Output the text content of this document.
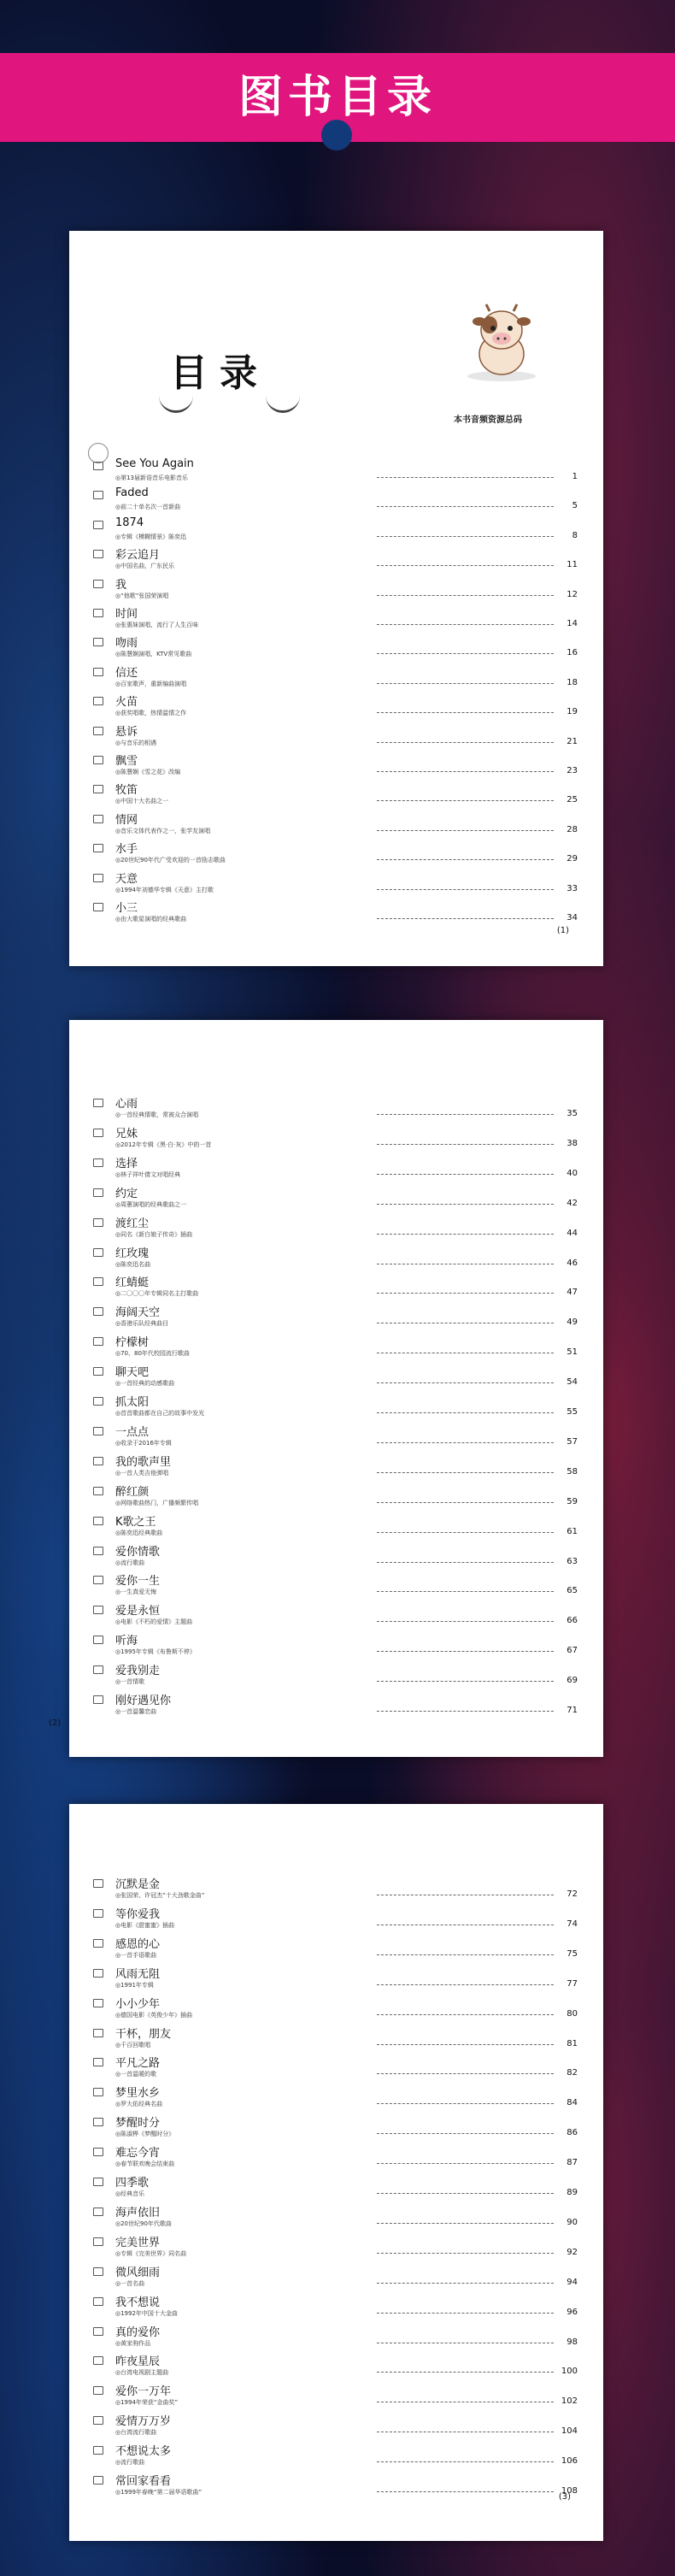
图书目录
目录
本书音频资源总码
(1)
See You Again
◎第13届新语音乐电影音乐	1
Faded
◎前二十单名次一首新曲	5
1874
◎专辑《模糊情景》陈奕迅	8
彩云追月
◎中国名曲，广东民乐	11
我
◎“他歌”张国荣演唱	12
时间
◎张惠妹演唱，流行了人生百味	14
吻雨
◎陈慧娴演唱，KTV常见歌曲	16
信还
◎百家歌声，重新编曲演唱	18
火苗
◎获奖唱歌，热情温情之作	19
悬诉
◎与音乐的相遇	21
飘雪
◎陈慧娴《雪之花》改编	23
牧笛
◎中国十大名曲之一	25
情网
◎音乐文体代表作之一，张学友演唱	28
水手
◎20世纪90年代广受欢迎的一首励志歌曲	29
天意
◎1994年刘德华专辑《天意》主打歌	33
小三
◎由大歌星演唱的经典歌曲	34
(2)
心雨
◎一首经典情歌，常被众合演唱	35
兄妹
◎2012年专辑《黑·白·灰》中的一首	38
选择
◎林子祥叶倩文对唱经典	40
约定
◎周蕙演唱的经典歌曲之一	42
渡红尘
◎同名《新白娘子传奇》插曲	44
红玫瑰
◎陈奕迅名曲	46
红蜻蜓
◎二〇〇〇年专辑同名主打歌曲	47
海阔天空
◎香港乐队经典曲目	49
柠檬树
◎70、80年代校园流行歌曲	51
聊天吧
◎一首经典的动感歌曲	54
抓太阳
◎首首歌曲都在自己的故事中发光	55
一点点
◎收录于2016年专辑	57
我的歌声里
◎一首人类吉他弹唱	58
醉红颜
◎网络歌曲热门，广播频繁传唱	59
K歌之王
◎陈奕迅经典歌曲	61
爱你情歌
◎流行歌曲	63
爱你一生
◎一生真爱无悔	65
爱是永恒
◎电影《不朽的爱情》主题曲	66
听海
◎1995年专辑《布鲁斯不停》	67
爱我别走
◎一首情歌	69
刚好遇见你
◎一首温馨恋曲	71
(3)
沉默是金
◎张国荣、许冠杰“十大劲歌金曲”	72
等你爱我
◎电影《甜蜜蜜》插曲	74
感恩的心
◎一首手语歌曲	75
风雨无阻
◎1991年专辑	77
小小少年
◎德国电影《英俊少年》插曲	80
干杯，朋友
◎千百回歌唱	81
平凡之路
◎一首温暖的歌	82
梦里水乡
◎罗大佑经典名曲	84
梦醒时分
◎陈淑桦《梦醒时分》	86
难忘今宵
◎春节联欢晚会结束曲	87
四季歌
◎经典音乐	89
海声依旧
◎20世纪90年代歌曲	90
完美世界
◎专辑《完美世界》同名曲	92
微风细雨
◎一首名曲	94
我不想说
◎1992年中国十大金曲	96
真的爱你
◎黄家驹作品	98
昨夜星辰
◎台湾电视剧主题曲	100
爱你一万年
◎1994年荣获“金曲奖”	102
爱情万万岁
◎台湾流行歌曲	104
不想说太多
◎流行歌曲	106
常回家看看
◎1999年春晚“第二届华语歌曲”	108
